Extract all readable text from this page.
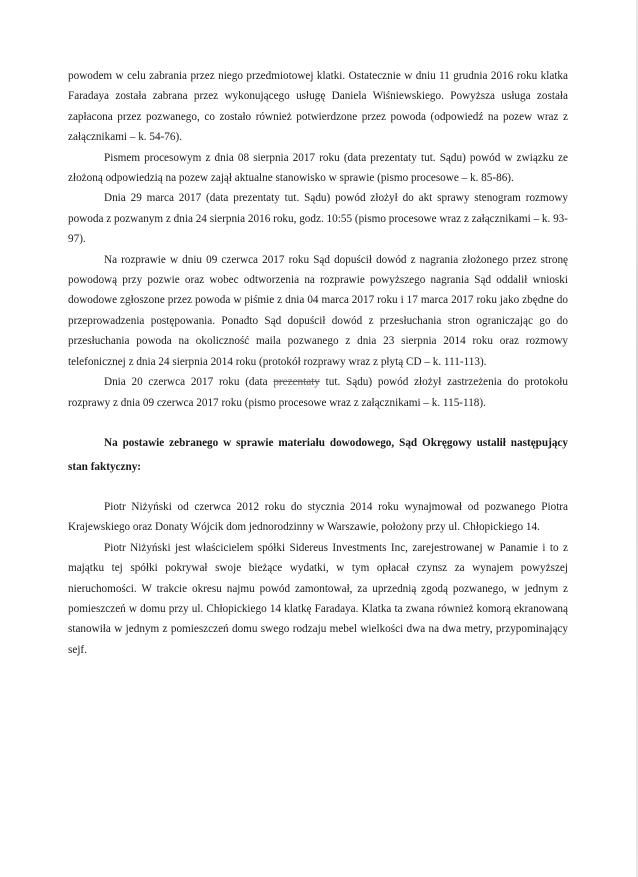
powodem w celu zabrania przez niego przedmiotowej klatki. Ostatecznie w dniu 11 grudnia 2016 roku klatka Faradaya została zabrana przez wykonującego usługę Daniela Wiśniewskiego. Powyższa usługa została zapłacona przez pozwanego, co zostało również potwierdzone przez powoda (odpowiedź na pozew wraz z załącznikami – k. 54-76).

Pismem procesowym z dnia 08 sierpnia 2017 roku (data prezentaty tut. Sądu) powód w związku ze złożoną odpowiedzią na pozew zajął aktualne stanowisko w sprawie (pismo procesowe – k. 85-86).

Dnia 29 marca 2017 (data prezentaty tut. Sądu) powód złożył do akt sprawy stenogram rozmowy powoda z pozwanym z dnia 24 sierpnia 2016 roku, godz. 10:55 (pismo procesowe wraz z załącznikami – k. 93-97).

Na rozprawie w dniu 09 czerwca 2017 roku Sąd dopuścił dowód z nagrania złożonego przez stronę powodową przy pozwie oraz wobec odtworzenia na rozprawie powyższego nagrania Sąd oddalił wnioski dowodowe zgłoszone przez powoda w piśmie z dnia 04 marca 2017 roku i 17 marca 2017 roku jako zbędne do przeprowadzenia postępowania. Ponadto Sąd dopuścił dowód z przesłuchania stron ograniczając go do przesłuchania powoda na okoliczność maila pozwanego z dnia 23 sierpnia 2014 roku oraz rozmowy telefonicznej z dnia 24 sierpnia 2014 roku (protokół rozprawy wraz z płytą CD – k. 111-113).

Dnia 20 czerwca 2017 roku (data prezentaty tut. Sądu) powód złożył zastrzeżenia do protokołu rozprawy z dnia 09 czerwca 2017 roku (pismo procesowe wraz z załącznikami – k. 115-118).

Na postawie zebranego w sprawie materiału dowodowego, Sąd Okręgowy ustalił następujący stan faktyczny:

Piotr Niżyński od czerwca 2012 roku do stycznia 2014 roku wynajmował od pozwanego Piotra Krajewskiego oraz Donaty Wójcik dom jednorodzinny w Warszawie, położony przy ul. Chłopickiego 14.

Piotr Niżyński jest właścicielem spółki Sidereus Investments Inc, zarejestrowanej w Panamie i to z majątku tej spółki pokrywał swoje bieżące wydatki, w tym opłacał czynsz za wynajem powyższej nieruchomości. W trakcie okresu najmu powód zamontował, za uprzednią zgodą pozwanego, w jednym z pomieszczeń w domu przy ul. Chłopickiego 14 klatkę Faradaya. Klatka ta zwana również komorą ekranowaną stanowiła w jednym z pomieszczeń domu swego rodzaju mebel wielkości dwa na dwa metry, przypominający sejf.
